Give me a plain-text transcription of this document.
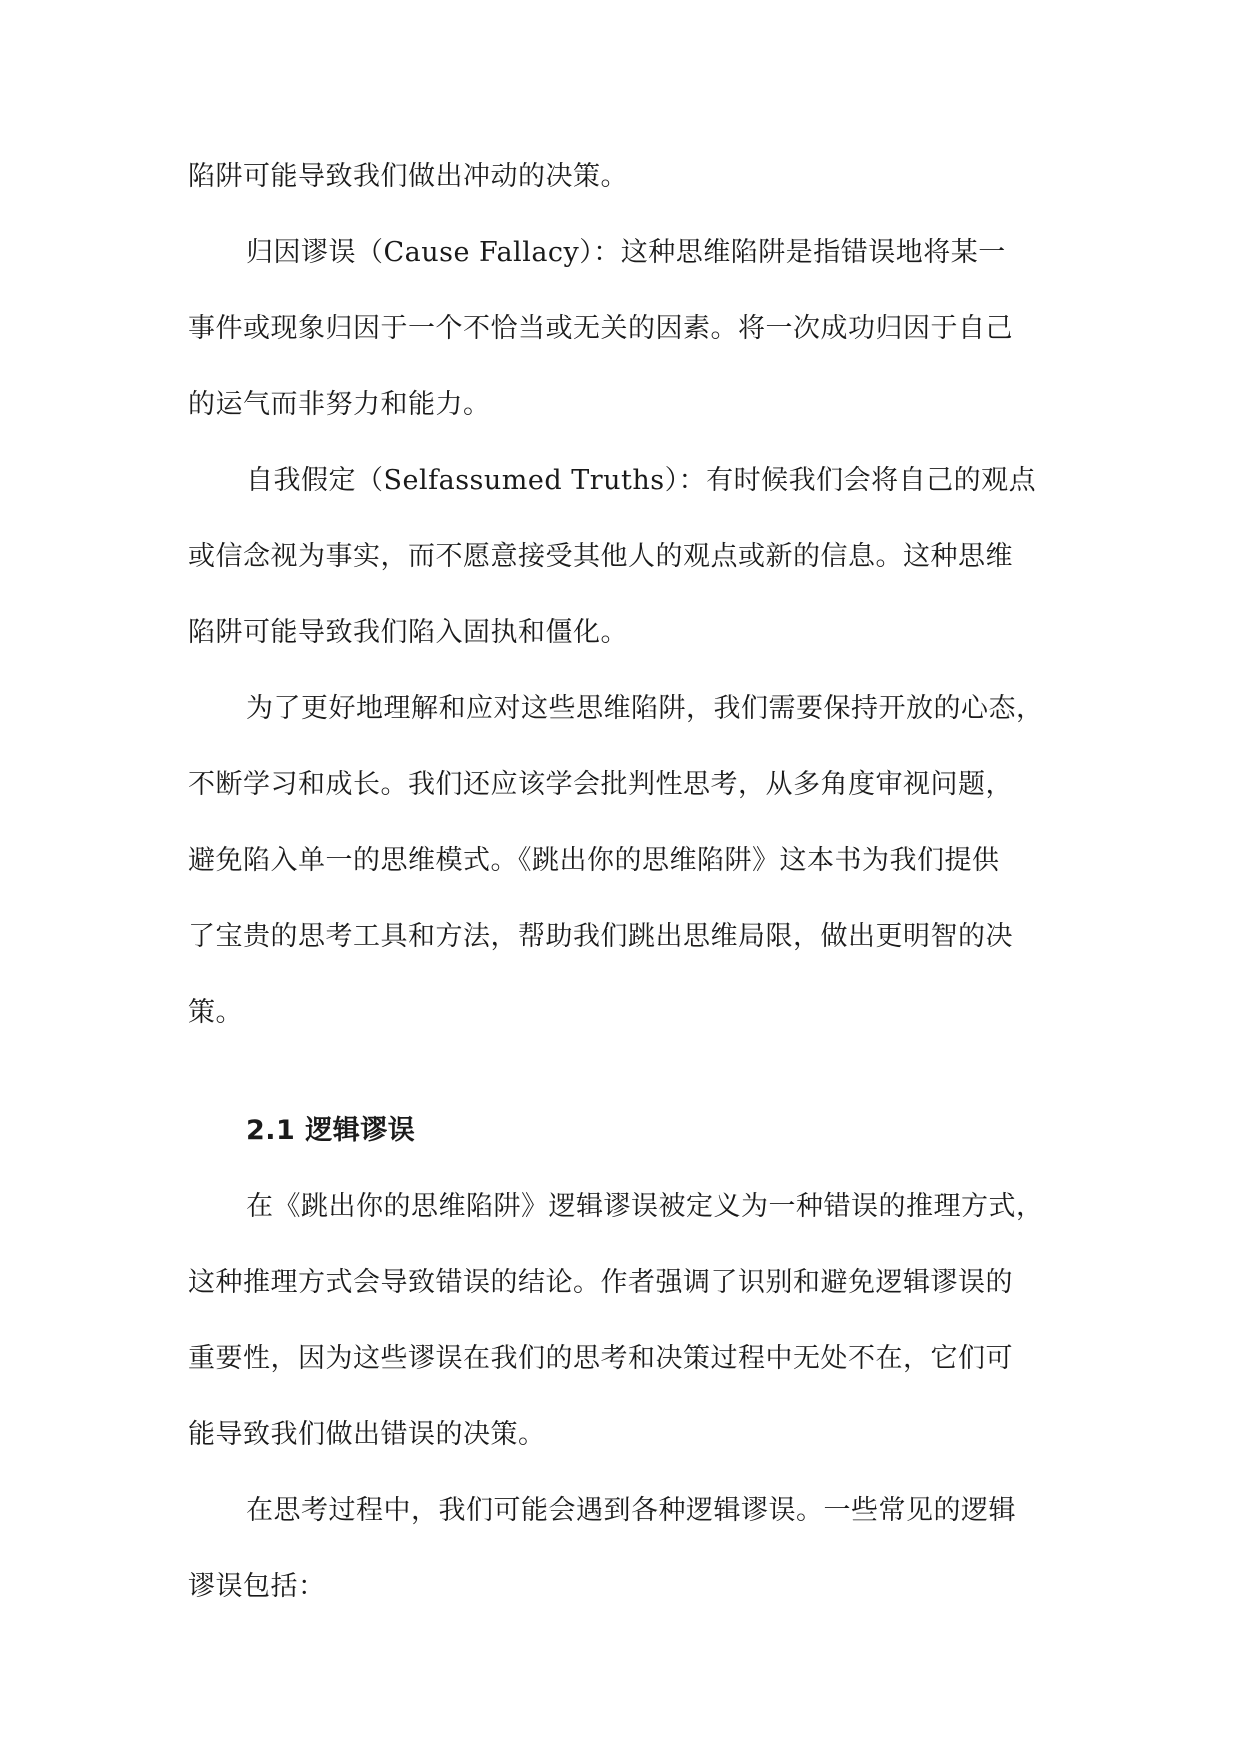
陷阱可能导致我们做出冲动的决策。
归因谬误（Cause Fallacy）：这种思维陷阱是指错误地将某一
事件或现象归因于一个不恰当或无关的因素。将一次成功归因于自己
的运气而非努力和能力。
自我假定（Selfassumed Truths）：有时候我们会将自己的观点
或信念视为事实，而不愿意接受其他人的观点或新的信息。这种思维
陷阱可能导致我们陷入固执和僵化。
为了更好地理解和应对这些思维陷阱，我们需要保持开放的心态，
不断学习和成长。我们还应该学会批判性思考，从多角度审视问题，
避免陷入单一的思维模式。《跳出你的思维陷阱》这本书为我们提供
了宝贵的思考工具和方法，帮助我们跳出思维局限，做出更明智的决
策。
2.1 逻辑谬误
在《跳出你的思维陷阱》逻辑谬误被定义为一种错误的推理方式，
这种推理方式会导致错误的结论。作者强调了识别和避免逻辑谬误的
重要性，因为这些谬误在我们的思考和决策过程中无处不在，它们可
能导致我们做出错误的决策。
在思考过程中，我们可能会遇到各种逻辑谬误。一些常见的逻辑
谬误包括：
